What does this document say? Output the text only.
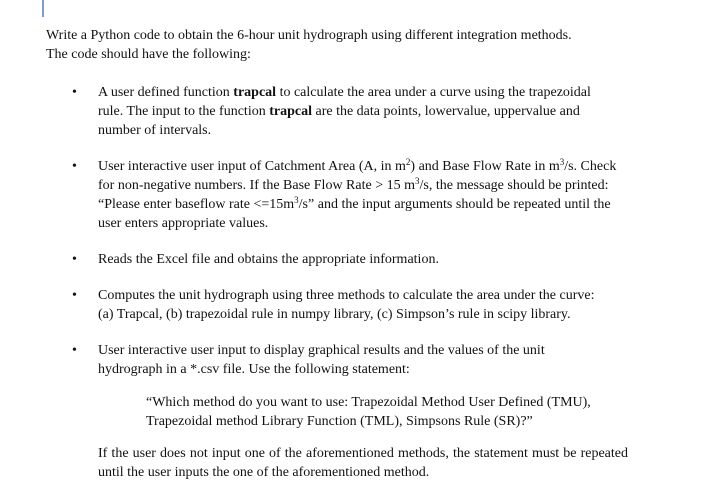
Write a Python code to obtain the 6-hour unit hydrograph using different integration methods.

The code should have the following:

• A user defined function trapcal to calculate the area under a curve using the trapezoidal rule. The input to the function trapcal are the data points, lowervalue, uppervalue and number of intervals.

• User interactive user input of Catchment Area (A, in $m^2$) and Base Flow Rate in $m^3/s$. Check for non-negative numbers. If the Base Flow Rate > 15 $m^3/s$, the message should be printed: “Please enter baseflow rate $<=15m^3/s$” and the input arguments should be repeated until the user enters appropriate values.

• Reads the Excel file and obtains the appropriate information.

• Computes the unit hydrograph using three methods to calculate the area under the curve: (a) Trapcal, (b) trapezoidal rule in numpy library, (c) Simpson’s rule in scipy library.

• User interactive user input to display graphical results and the values of the unit hydrograph in a *.csv file. Use the following statement:

“Which method do you want to use: Trapezoidal Method User Defined (TMU), Trapezoidal method Library Function (TML), Simpsons Rule (SR)?”

If the user does not input one of the aforementioned methods, the statement must be repeated until the user inputs the one of the aforementioned method.
